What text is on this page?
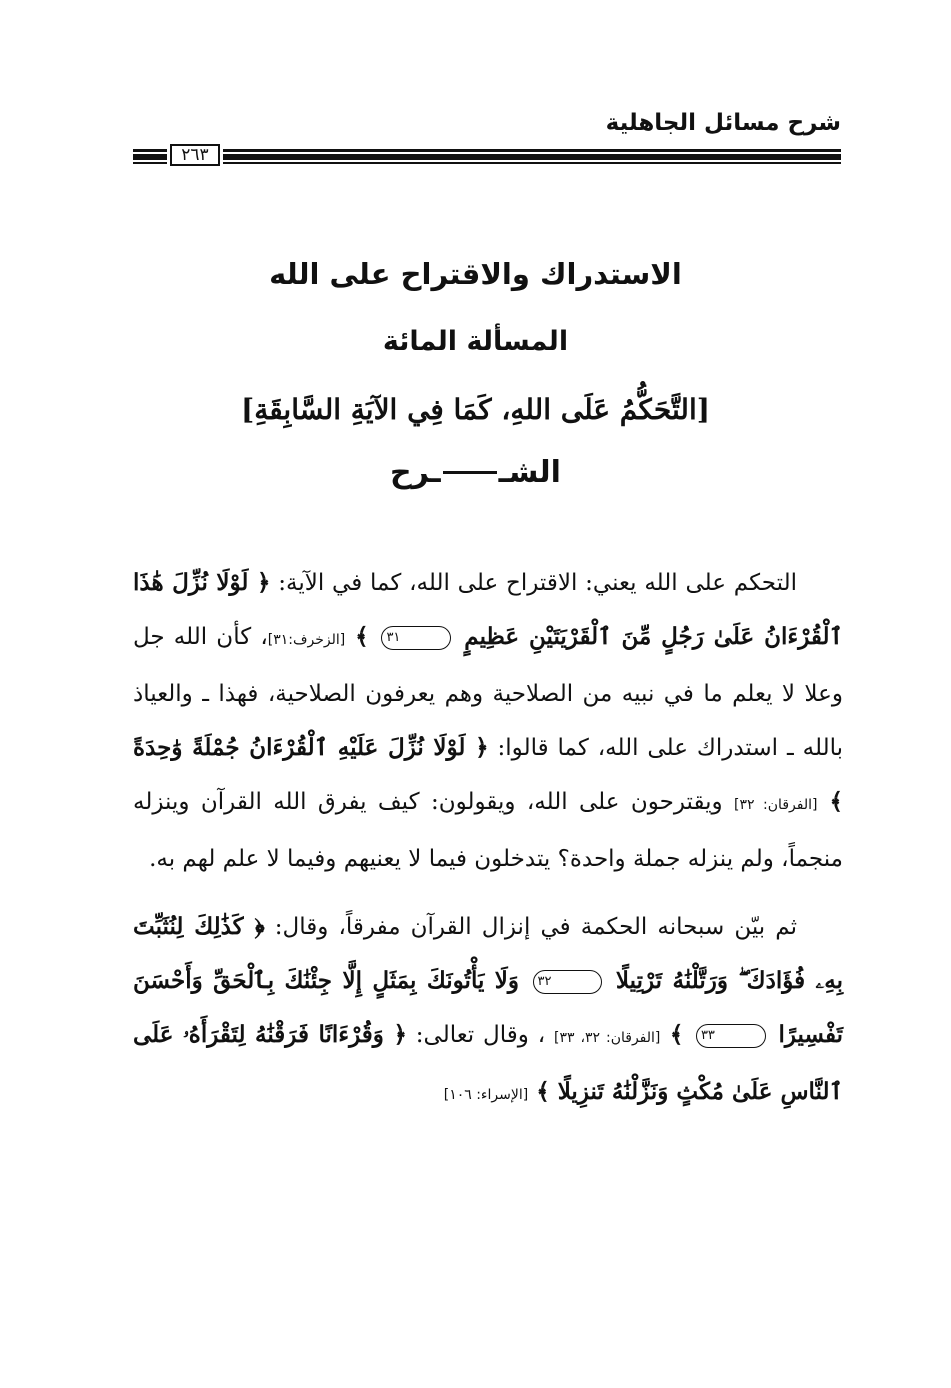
شرح مسائل الجاهلية
٢٦٣
الاستدراك والاقتراح على الله
المسألة المائة
[التَّحَكُّمُ عَلَى اللهِ، كَمَا فِي الآيَةِ السَّابِقَةِ]
الشــرح

التحكم على الله يعني: الاقتراح على الله، كما في الآية: ﴿ لَوْلَا نُزِّلَ هَٰذَا ٱلْقُرْءَانُ عَلَىٰ رَجُلٍ مِّنَ ٱلْقَرْيَتَيْنِ عَظِيمٍ ٣١ ﴾ [الزخرف:٣١]، كأن الله جل وعلا لا يعلم ما في نبيه من الصلاحية وهم يعرفون الصلاحية، فهذا ـ والعياذ بالله ـ استدراك على الله، كما قالوا: ﴿ لَوْلَا نُزِّلَ عَلَيْهِ ٱلْقُرْءَانُ جُمْلَةً وَٰحِدَةً ﴾ [الفرقان: ٣٢] ويقترحون على الله، ويقولون: كيف يفرق الله القرآن وينزله منجماً، ولم ينزله جملة واحدة؟ يتدخلون فيما لا يعنيهم وفيما لا علم لهم به.

ثم بيّن سبحانه الحكمة في إنزال القرآن مفرقاً، وقال: ﴿ كَذَٰلِكَ لِنُثَبِّتَ بِهِۦ فُؤَادَكَ ۖ وَرَتَّلْنَٰهُ تَرْتِيلًا ٣٢ وَلَا يَأْتُونَكَ بِمَثَلٍ إِلَّا جِئْنَٰكَ بِٱلْحَقِّ وَأَحْسَنَ تَفْسِيرًا ٣٣ ﴾ [الفرقان: ٣٢، ٣٣] ، وقال تعالى: ﴿ وَقُرْءَانًا فَرَقْنَٰهُ لِتَقْرَأَهُۥ عَلَى ٱلنَّاسِ عَلَىٰ مُكْثٍ وَنَزَّلْنَٰهُ تَنزِيلًا ﴾ [الإسراء: ١٠٦]
